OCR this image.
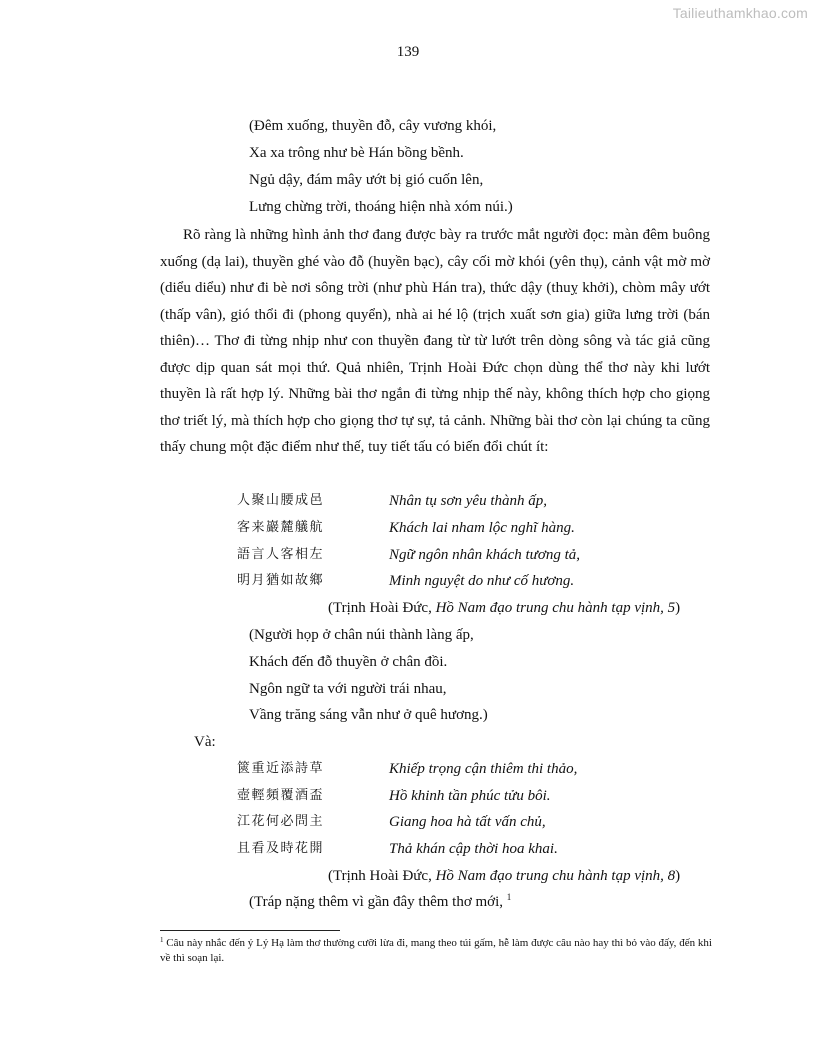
Tailieuthamkhao.com
139
(Đêm xuống, thuyền đỗ, cây vương khói,
Xa xa trông như bè Hán bồng bềnh.
Ngủ dậy, đám mây ướt bị gió cuốn lên,
Lưng chừng trời, thoáng hiện nhà xóm núi.)

Rõ ràng là những hình ảnh thơ đang được bày ra trước mắt người đọc: màn đêm buông xuống (dạ lai), thuyền ghé vào đỗ (huyền bạc), cây cối mờ khói (yên thụ), cảnh vật mờ mờ (diểu diểu) như đi bè nơi sông trời (như phù Hán tra), thức dậy (thuỵ khởi), chòm mây ướt (thấp vân), gió thổi đi (phong quyển), nhà ai hé lộ (trịch xuất sơn gia) giữa lưng trời (bán thiên)… Thơ đi từng nhịp như con thuyền đang từ từ lướt trên dòng sông và tác giả cũng được dịp quan sát mọi thứ. Quả nhiên, Trịnh Hoài Đức chọn dùng thể thơ này khi lướt thuyền là rất hợp lý. Những bài thơ ngắn đi từng nhịp thế này, không thích hợp cho giọng thơ triết lý, mà thích hợp cho giọng thơ tự sự, tả cảnh. Những bài thơ còn lại chúng ta cũng thấy chung một đặc điểm như thế, tuy tiết tấu có biến đổi chút ít:

人聚山腰成邑	Nhân tụ sơn yêu thành ấp,
客来巖麓艤航	Khách lai nham lộc nghĩ hàng.
語言人客相左	Ngữ ngôn nhân khách tương tả,
明月猶如故鄉	Minh nguyệt do như cố hương.
(Trịnh Hoài Đức, Hồ Nam đạo trung chu hành tạp vịnh, 5)
(Người họp ở chân núi thành làng ấp,
Khách đến đỗ thuyền ở chân đồi.
Ngôn ngữ ta với người trái nhau,
Vầng trăng sáng vẫn như ở quê hương.)
Và:
篋重近添詩草	Khiếp trọng cận thiêm thi thảo,
壺輕頻覆酒盃	Hồ khinh tần phúc tửu bôi.
江花何必問主	Giang hoa hà tất vấn chủ,
且看及時花開	Thả khán cập thời hoa khai.
(Trịnh Hoài Đức, Hồ Nam đạo trung chu hành tạp vịnh, 8)
(Tráp nặng thêm vì gần đây thêm thơ mới, $^1$
$^1$ Câu này nhắc đến ý Lý Hạ làm thơ thường cưỡi lừa đi, mang theo túi gấm, hễ làm được câu nào hay thì bỏ vào đấy, đến khi về thì soạn lại.
